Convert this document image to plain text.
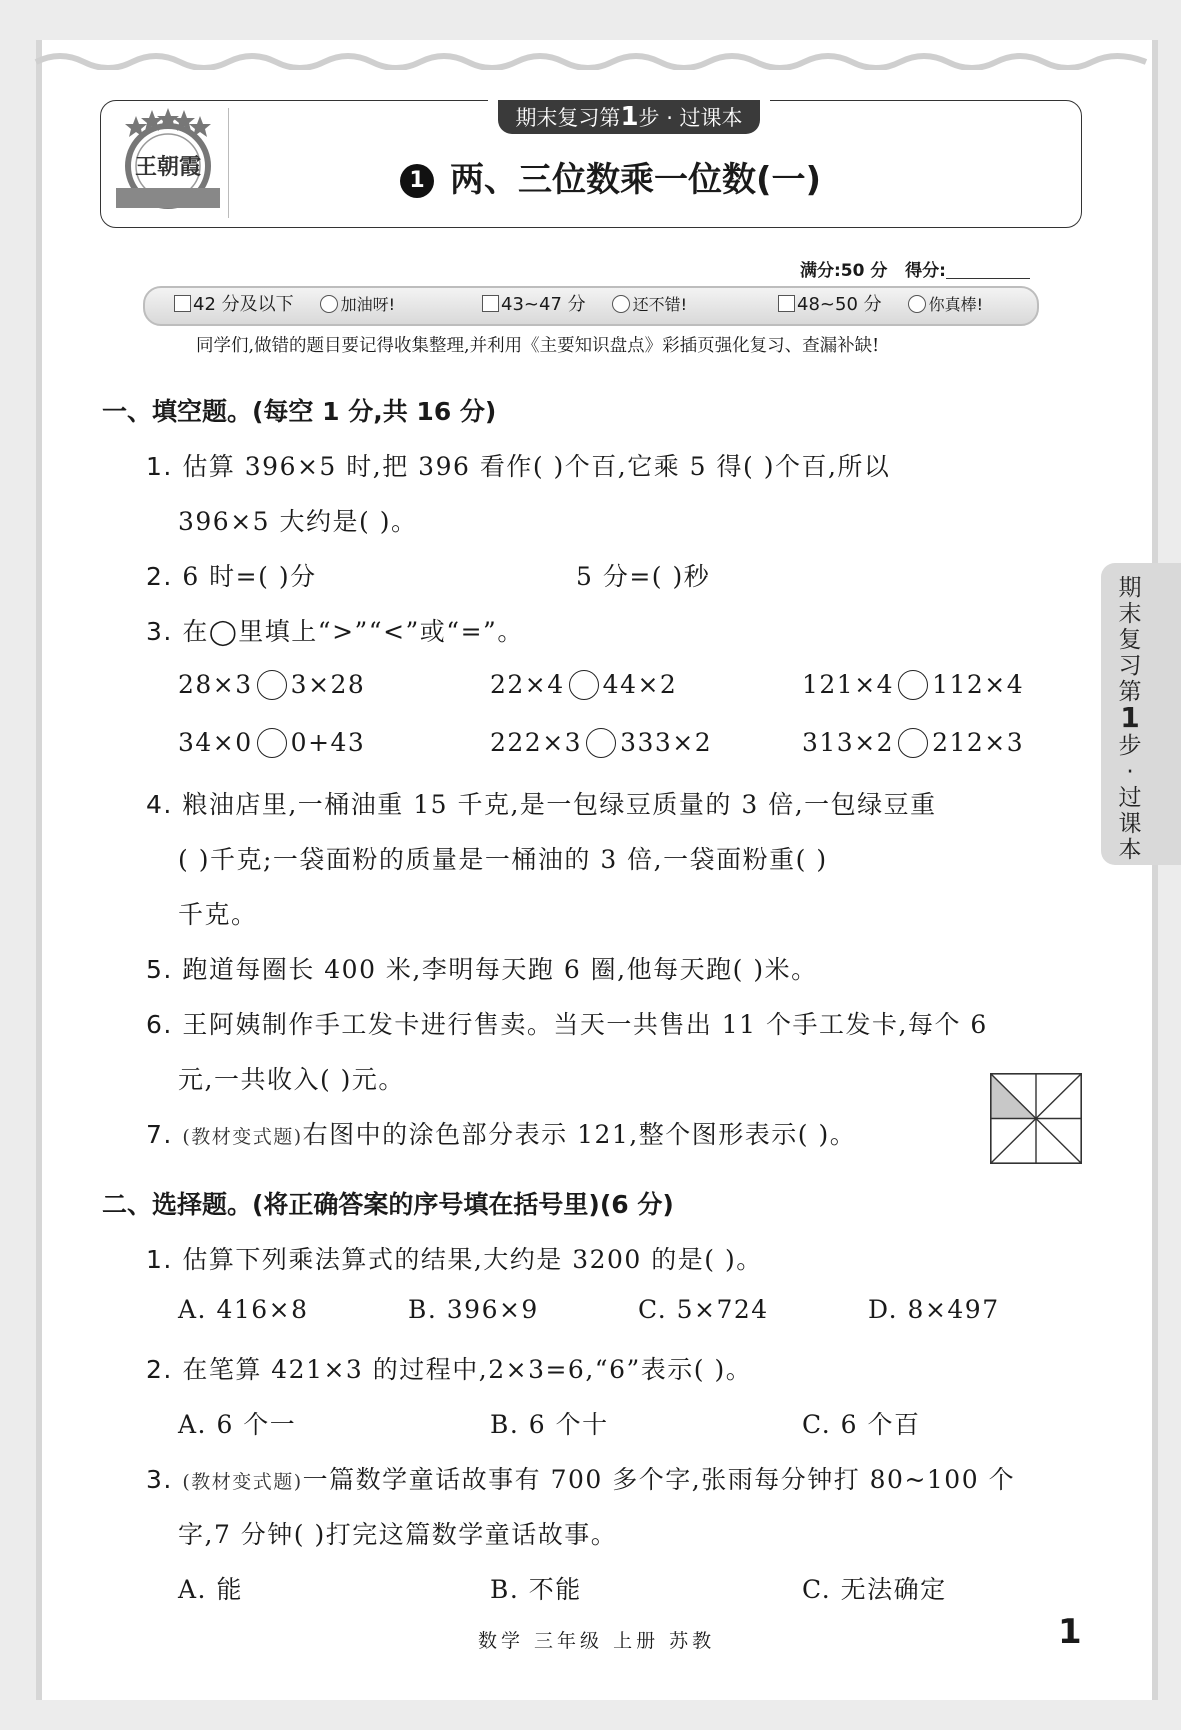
王朝霞
期末复习第1步 · 过课本
1 两、三位数乘一位数(一)
满分:50 分 得分:
42 分及以下	加油呀!	43~47 分	还不错!	48~50 分	你真棒!
同学们,做错的题目要记得收集整理,并利用《主要知识盘点》彩插页强化复习、查漏补缺!
一、填空题。(每空 1 分,共 16 分)
1. 估算 396×5 时,把 396 看作( )个百,它乘 5 得( )个百,所以
396×5 大约是( )。
2. 6 时=( )分	5 分=( )秒
3. 在◯里填上“>”“<”或“=”。
28×3 3×28	22×4 44×2	121×4 112×4
34×0 0+43	222×3 333×2	313×2 212×3
4. 粮油店里,一桶油重 15 千克,是一包绿豆质量的 3 倍,一包绿豆重
( )千克;一袋面粉的质量是一桶油的 3 倍,一袋面粉重( )
千克。
5. 跑道每圈长 400 米,李明每天跑 6 圈,他每天跑( )米。
6. 王阿姨制作手工发卡进行售卖。当天一共售出 11 个手工发卡,每个 6
元,一共收入( )元。
7. (教材变式题)右图中的涂色部分表示 121,整个图形表示( )。
二、选择题。(将正确答案的序号填在括号里)(6 分)
1. 估算下列乘法算式的结果,大约是 3200 的是( )。
A. 416×8	B. 396×9	C. 5×724	D. 8×497
2. 在笔算 421×3 的过程中,2×3=6,“6”表示( )。
A. 6 个一	B. 6 个十	C. 6 个百
3. (教材变式题)一篇数学童话故事有 700 多个字,张雨每分钟打 80~100 个
字,7 分钟( )打完这篇数学童话故事。
A. 能	B. 不能	C. 无法确定
期
末
复
习
第
1
步
·
过
课
本
数学 三年级 上册 苏教	1
